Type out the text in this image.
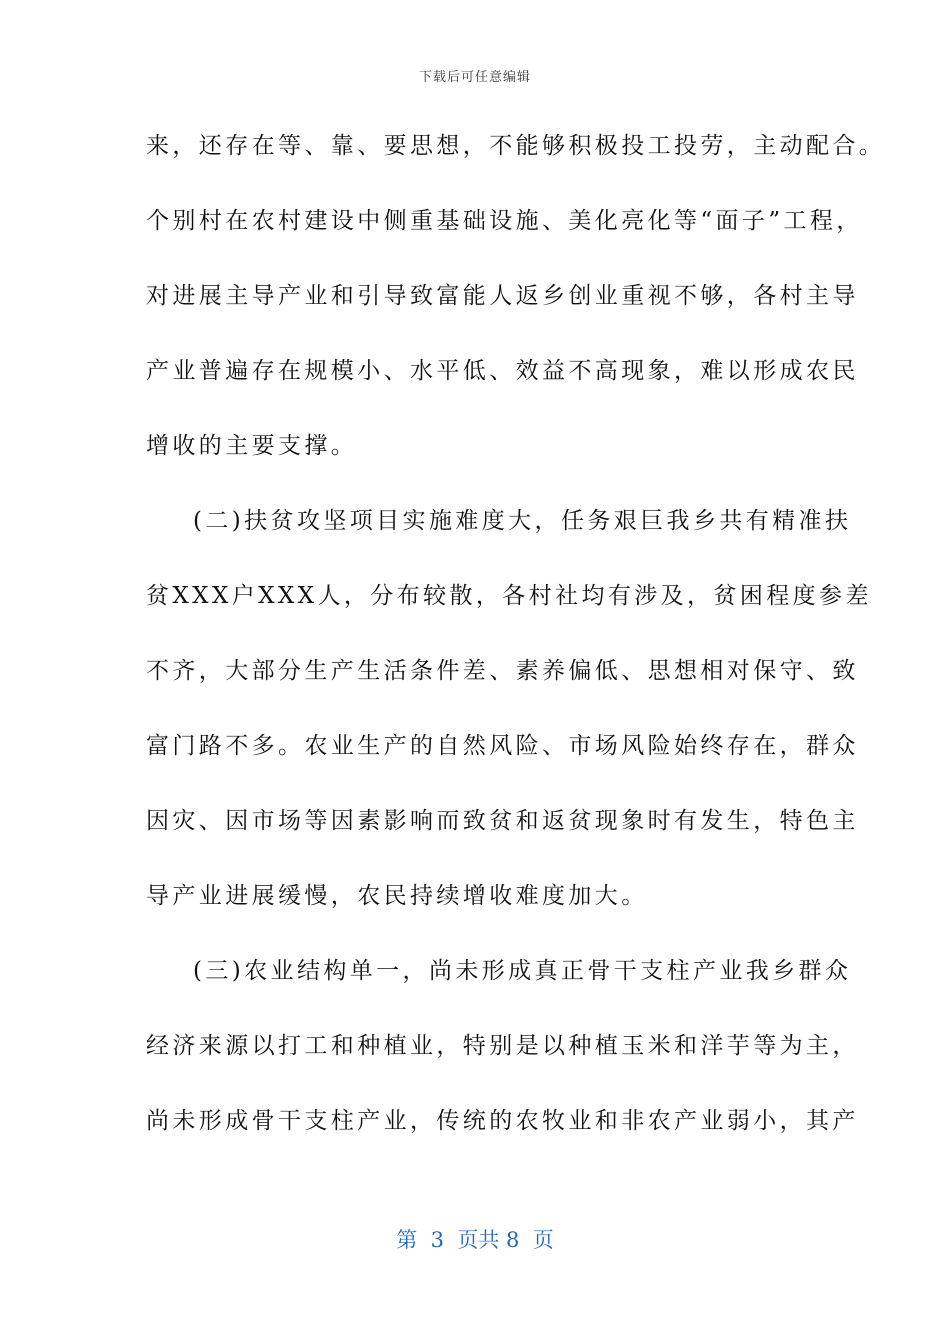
下载后可任意编辑
来，还存在等、靠、要思想，不能够积极投工投劳，主动配合。
个别村在农村建设中侧重基础设施、美化亮化等“面子”工程，
对进展主导产业和引导致富能人返乡创业重视不够，各村主导
产业普遍存在规模小、水平低、效益不高现象，难以形成农民
增收的主要支撑。
(二)扶贫攻坚项目实施难度大，任务艰巨我乡共有精准扶
贫XXX户XXX人，分布较散，各村社均有涉及，贫困程度参差
不齐，大部分生产生活条件差、素养偏低、思想相对保守、致
富门路不多。农业生产的自然风险、市场风险始终存在，群众
因灾、因市场等因素影响而致贫和返贫现象时有发生，特色主
导产业进展缓慢，农民持续增收难度加大。
(三)农业结构单一，尚未形成真正骨干支柱产业我乡群众
经济来源以打工和种植业，特别是以种植玉米和洋芋等为主，
尚未形成骨干支柱产业，传统的农牧业和非农产业弱小，其产
第  3  页共 8  页
